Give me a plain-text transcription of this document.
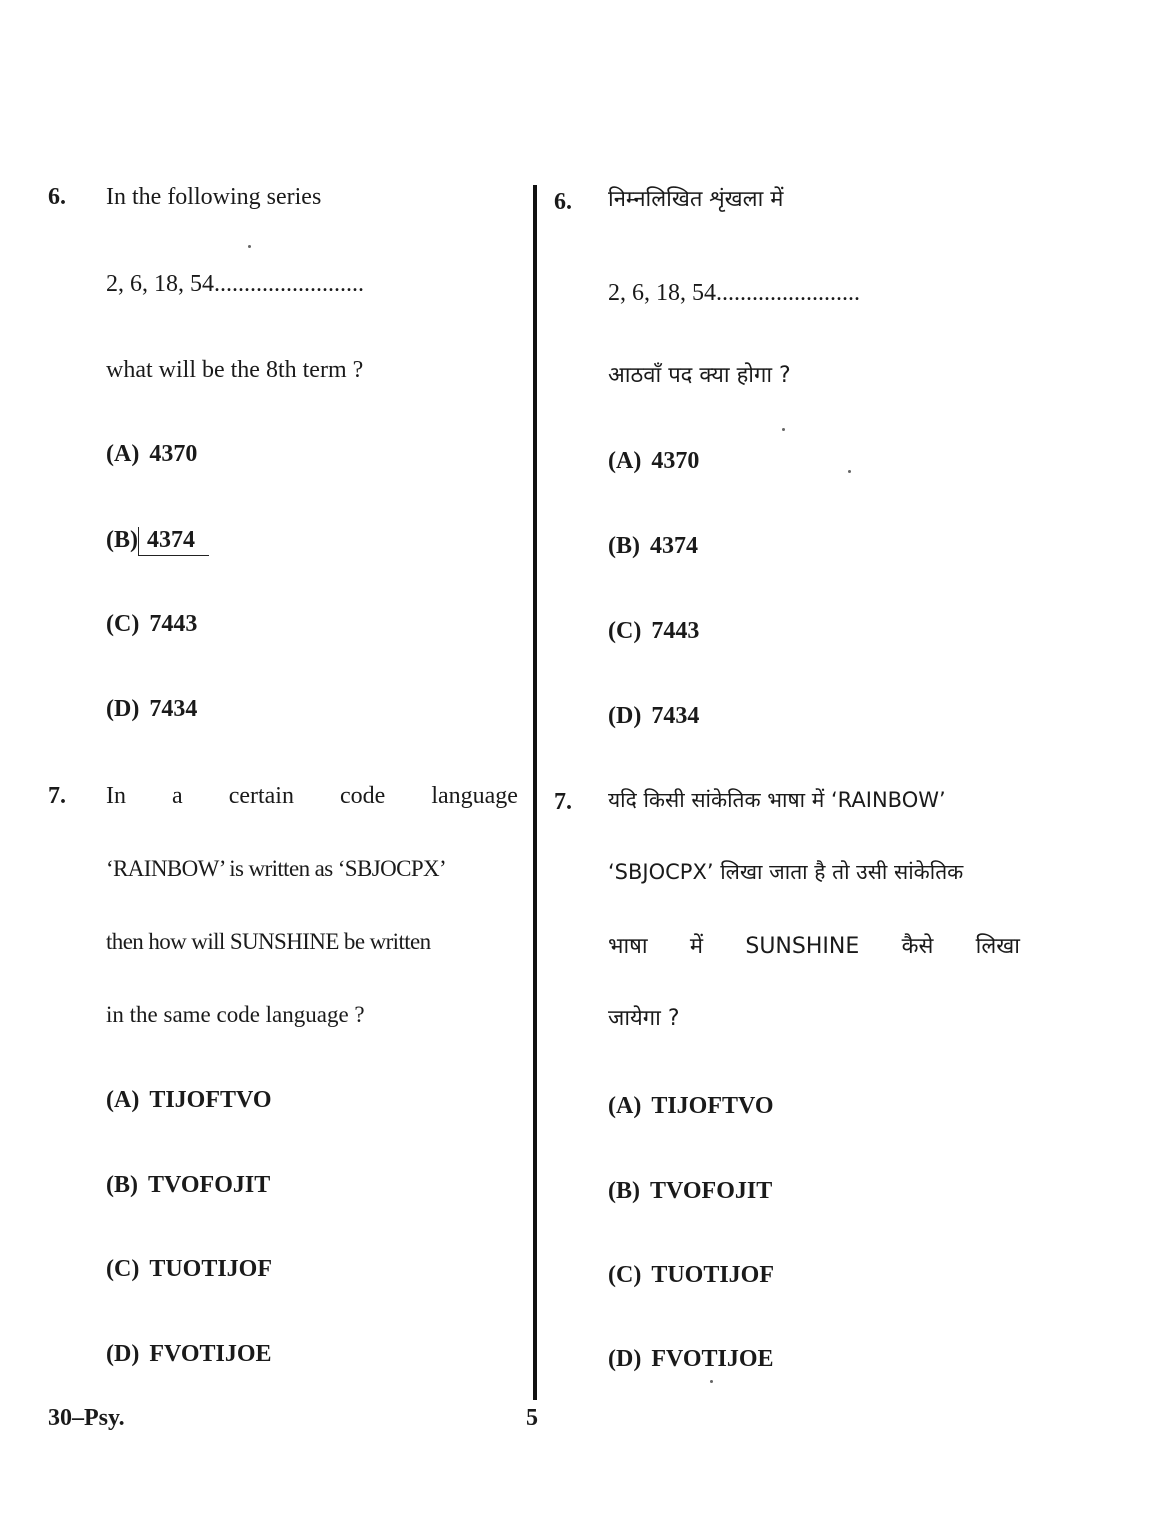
6. In the following series
2, 6, 18, 54.........................
what will be the 8th term ?
(A) 4370
(B) 4374
(C) 7443
(D) 7434
7. In a certain code language
‘RAINBOW’ is written as ‘SBJOCPX’
then how will SUNSHINE be written
in the same code language ?
(A) TIJOFTVO
(B) TVOFOJIT
(C) TUOTIJOF
(D) FVOTIJOE
6. निम्नलिखित शृंखला में
2, 6, 18, 54........................
आठवाँ पद क्या होगा ?
(A) 4370
(B) 4374
(C) 7443
(D) 7434
7. यदि किसी सांकेतिक भाषा में ‘RAINBOW’
‘SBJOCPX’ लिखा जाता है तो उसी सांकेतिक
भाषा में SUNSHINE कैसे लिखा
जायेगा ?
(A) TIJOFTVO
(B) TVOFOJIT
(C) TUOTIJOF
(D) FVOTIJOE
30–Psy.	5
